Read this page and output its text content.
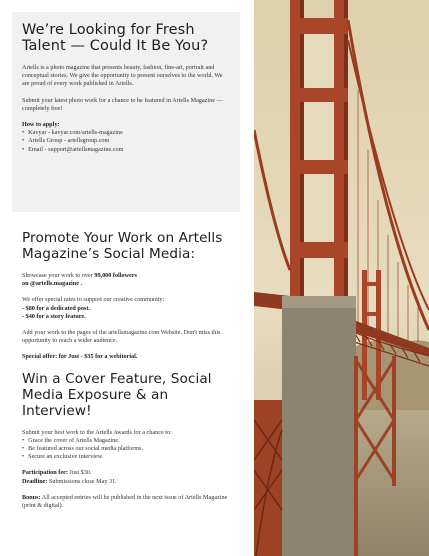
We’re Looking for Fresh
Talent — Could It Be You?

Artells is a photo magazine that presents beauty, fashion, fine-art, portrait and conceptual stories. We give the opportunity to present ourselves to the world. We are proud of every work published in Artells.

Submit your latest photo work for a chance to be featured in Artells Magazine — completely free!

How to apply:

• Kavyar - kavyar.com/artells-magazine
• Artells Group - artellsgroup.com
• Email - support@artellsmagazine.com
Promote Your Work on Artells
Magazine’s Social Media:

Showcase your work to over 99,000 followers
on @artells.magazine .

We offer special rates to support our creative community:

- $80 for a dedicated post.

- $40 for a story feature.

Add your work to the pages of the artellsmagazine.com Website. Don't miss this opportunity to reach a wider audience.

Special offer: for Just - $35 for a webitorial.

Win a Cover Feature, Social
Media Exposure & an Interview!

Submit your best work to the Artells Awards for a chance to:

• Grace the cover of Artells Magazine.
• Be featured across our social media platforms.
• Secure an exclusive interview.

Participation fee: Just $30.

Deadline: Submissions close May 31.

Bonus: All accepted entries will be published in the next issue of Artells Magazine (print & digital).
